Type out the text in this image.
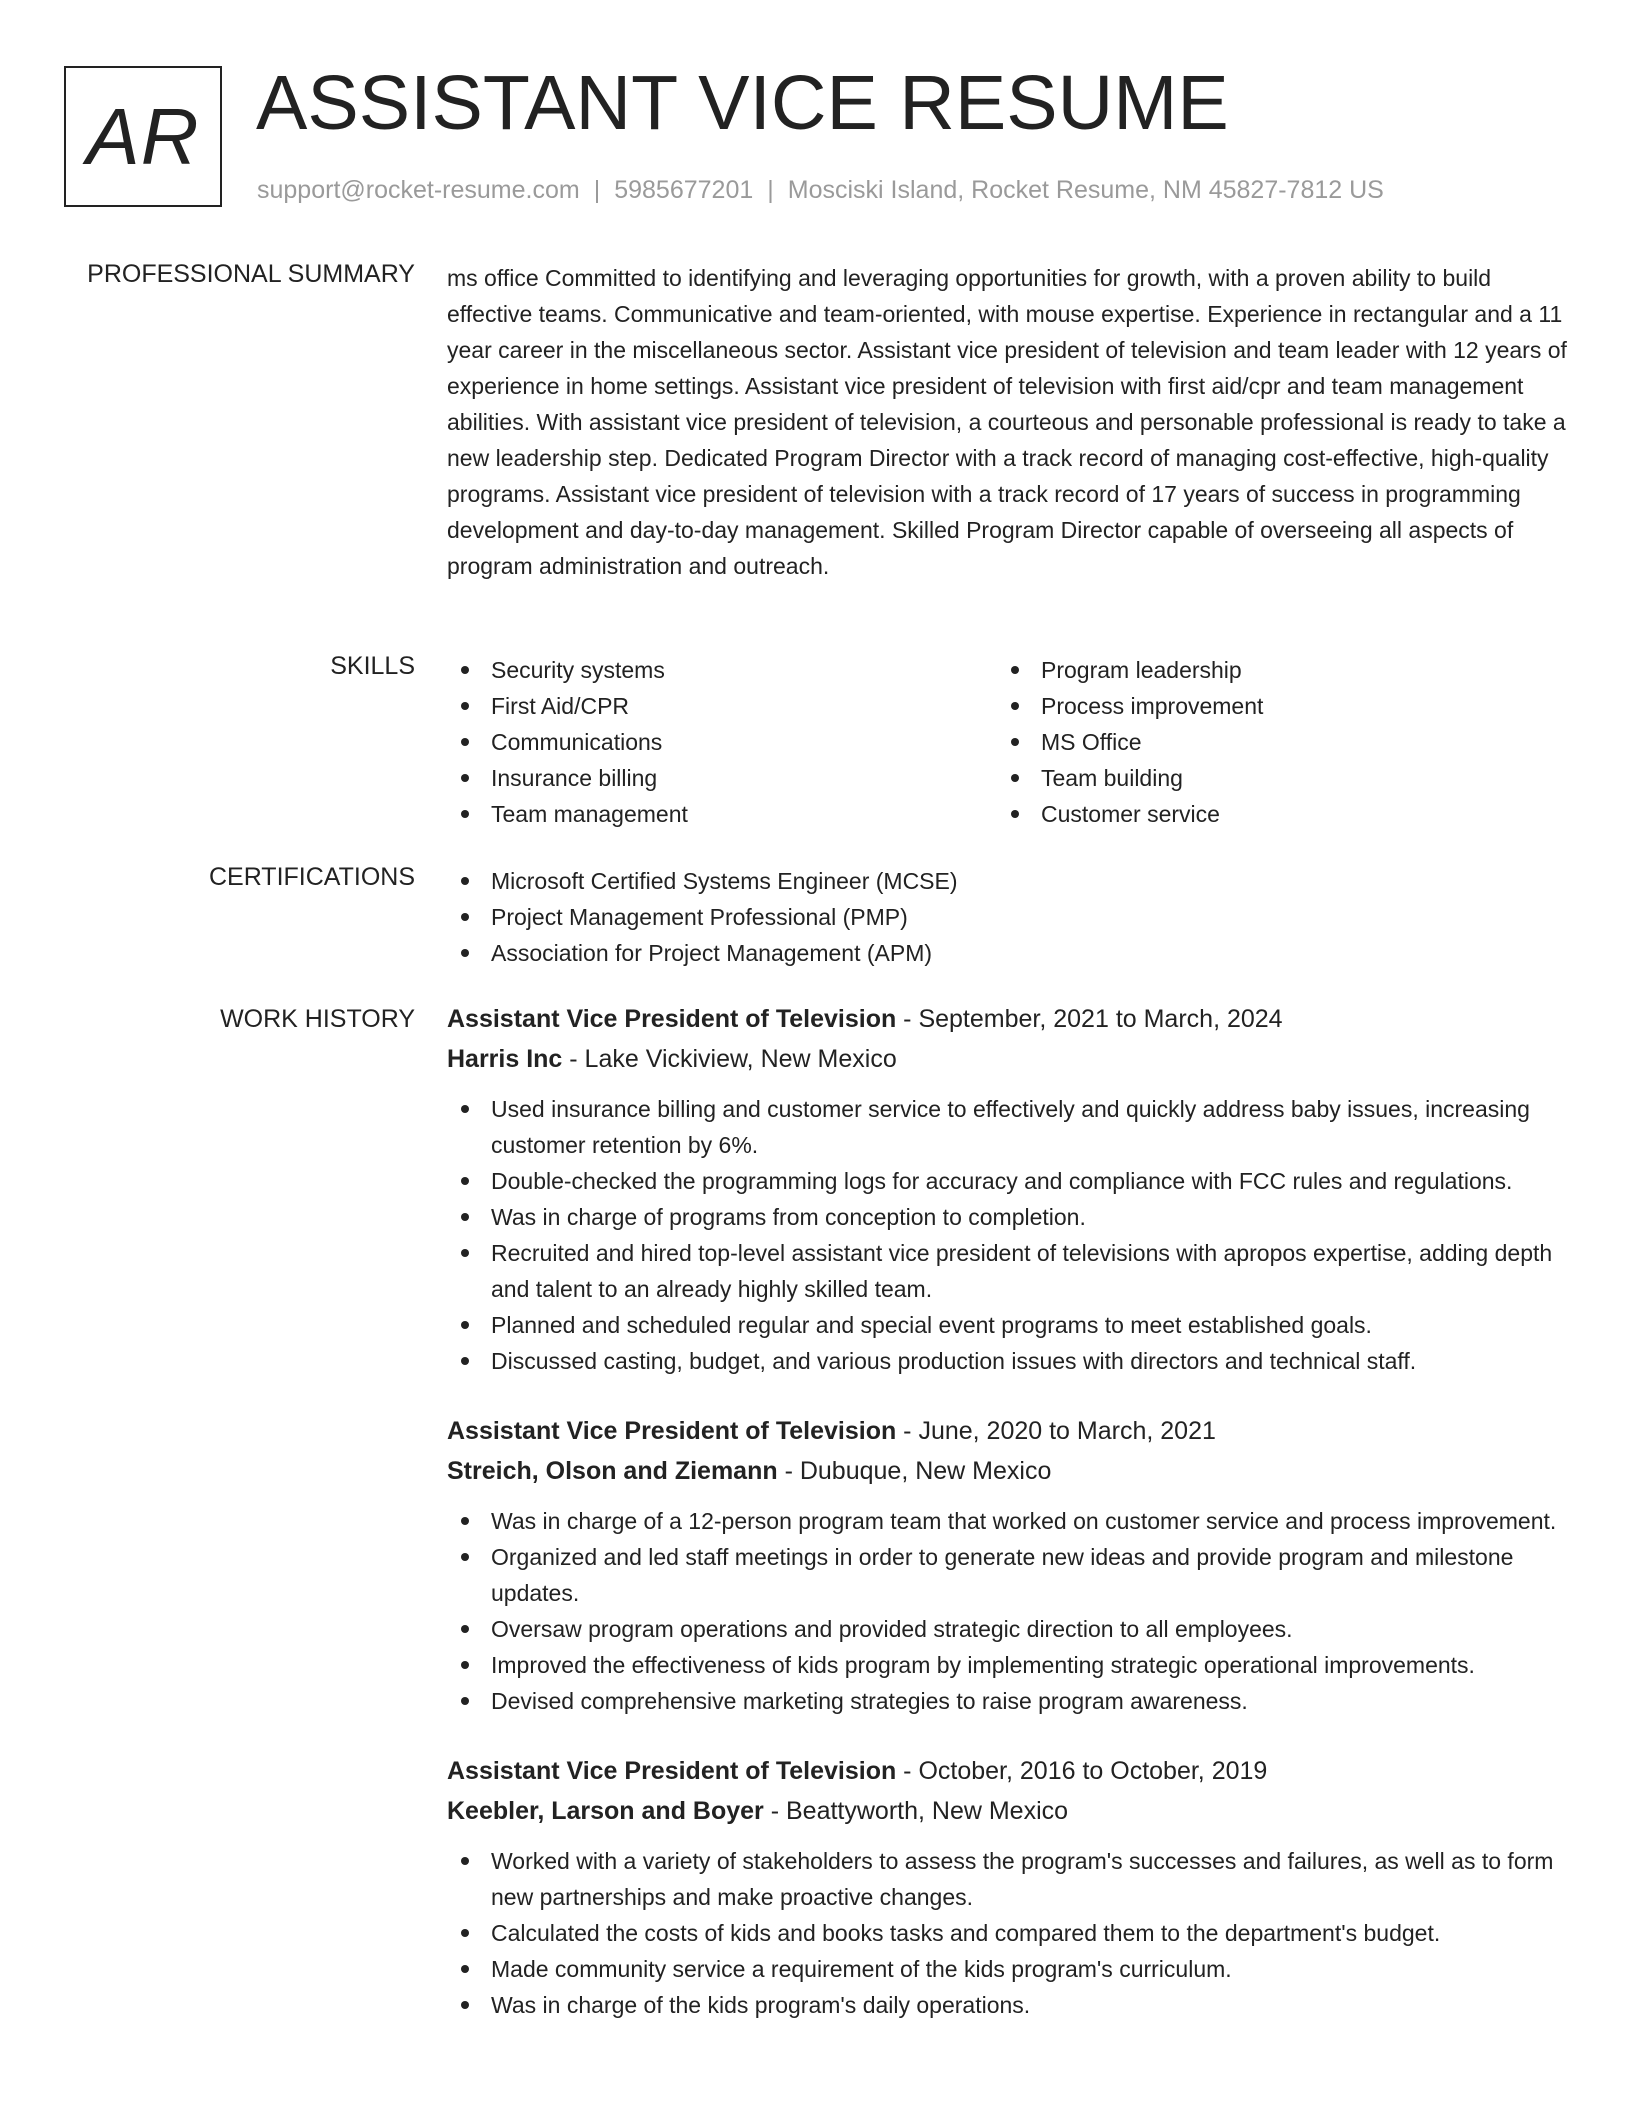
AR ASSISTANT VICE RESUME
support@rocket-resume.com | 5985677201 | Mosciski Island, Rocket Resume, NM 45827-7812 US
PROFESSIONAL SUMMARY ms office Committed to identifying and leveraging opportunities for growth, with a proven ability to build effective teams. Communicative and team-oriented, with mouse expertise. Experience in rectangular and a 11 year career in the miscellaneous sector. Assistant vice president of television and team leader with 12 years of experience in home settings. Assistant vice president of television with first aid/cpr and team management abilities. With assistant vice president of television, a courteous and personable professional is ready to take a new leadership step. Dedicated Program Director with a track record of managing cost-effective, high-quality programs. Assistant vice president of television with a track record of 17 years of success in programming development and day-to-day management. Skilled Program Director capable of overseeing all aspects of program administration and outreach.

SKILLS	Security systems
First Aid/CPR
Communications
Insurance billing
Team management
Program leadership
Process improvement
MS Office
Team building
Customer service
CERTIFICATIONS	Microsoft Certified Systems Engineer (MCSE)
Project Management Professional (PMP)
Association for Project Management (APM)
WORK HISTORY Assistant Vice President of Television - September, 2021 to March, 2024
Harris Inc - Lake Vickiview, New Mexico
Used insurance billing and customer service to effectively and quickly address baby issues, increasing customer retention by 6%.
Double-checked the programming logs for accuracy and compliance with FCC rules and regulations.
Was in charge of programs from conception to completion.
Recruited and hired top-level assistant vice president of televisions with apropos expertise, adding depth and talent to an already highly skilled team.
Planned and scheduled regular and special event programs to meet established goals.
Discussed casting, budget, and various production issues with directors and technical staff.
Assistant Vice President of Television - June, 2020 to March, 2021
Streich, Olson and Ziemann - Dubuque, New Mexico
Was in charge of a 12-person program team that worked on customer service and process improvement.
Organized and led staff meetings in order to generate new ideas and provide program and milestone updates.
Oversaw program operations and provided strategic direction to all employees.
Improved the effectiveness of kids program by implementing strategic operational improvements.
Devised comprehensive marketing strategies to raise program awareness.
Assistant Vice President of Television - October, 2016 to October, 2019
Keebler, Larson and Boyer - Beattyworth, New Mexico
Worked with a variety of stakeholders to assess the program's successes and failures, as well as to form new partnerships and make proactive changes.
Calculated the costs of kids and books tasks and compared them to the department's budget.
Made community service a requirement of the kids program's curriculum.
Was in charge of the kids program's daily operations.
